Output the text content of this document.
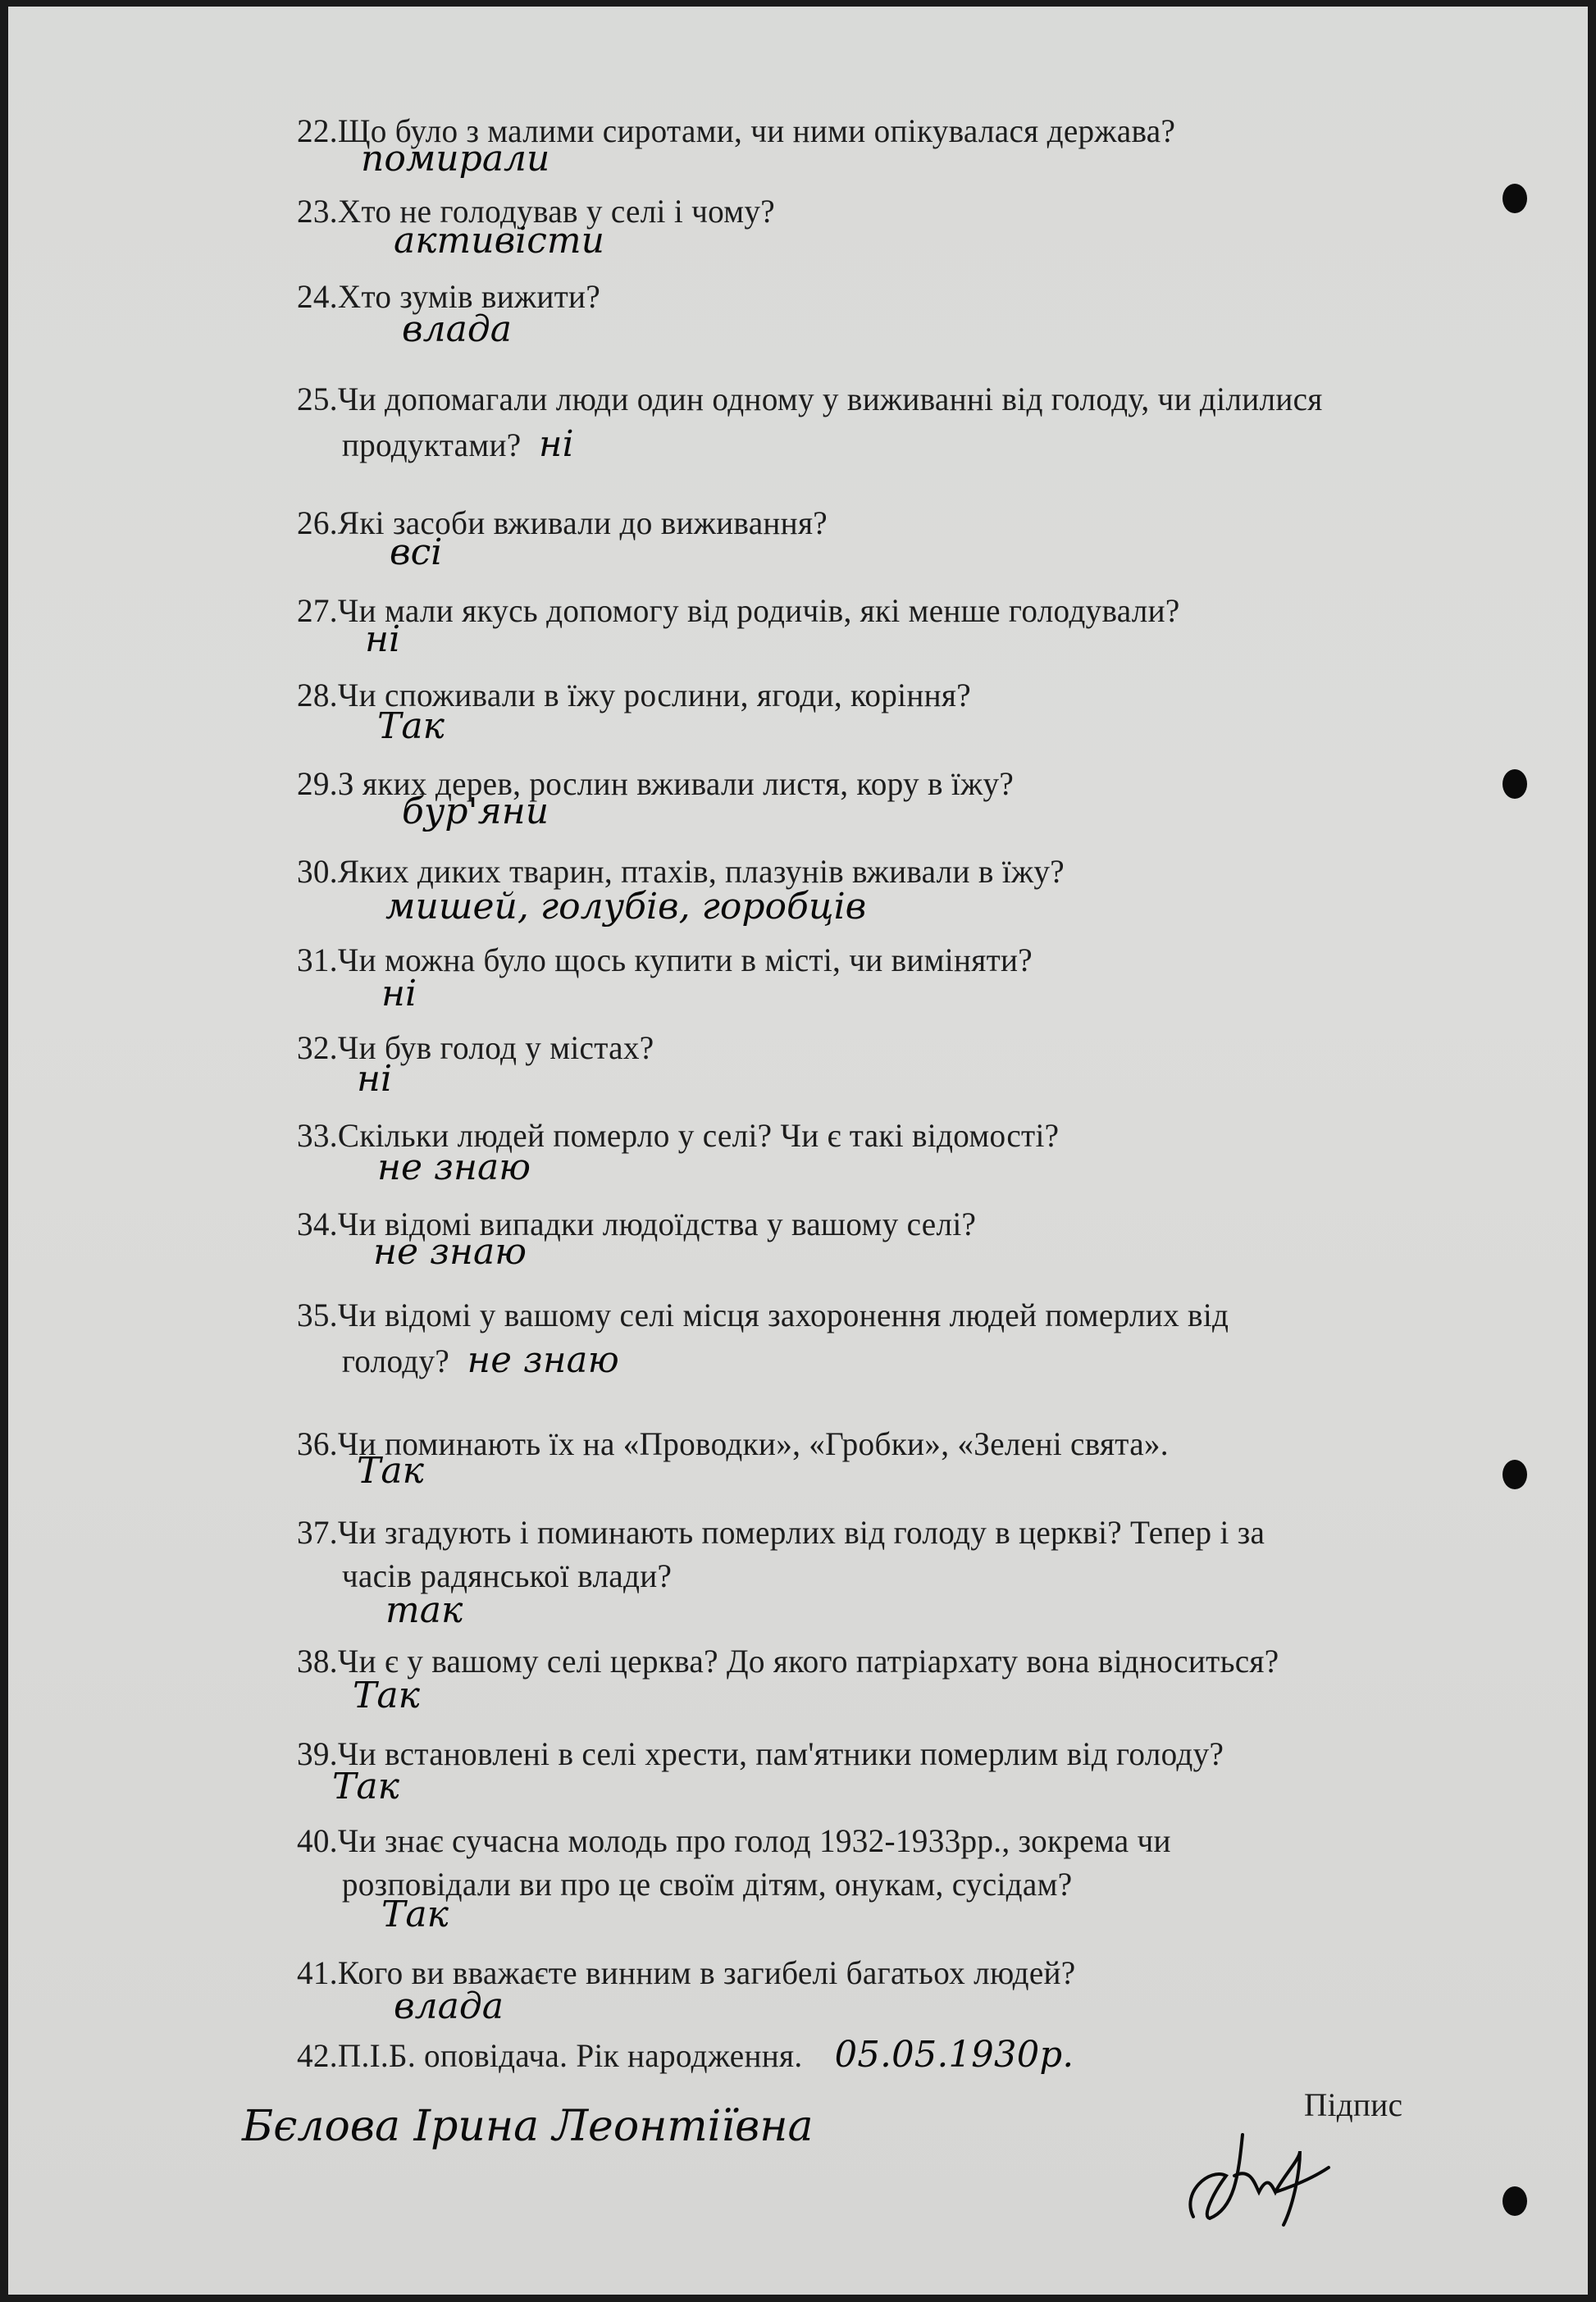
22.Що було з малими сиротами, чи ними опікувалася держава?
помирали
23.Хто не голодував у селі і чому?
активісти
24.Хто зумів вижити?
влада
25.Чи допомагали люди один одному у виживанні від голоду, чи ділилися
продуктами? ні
26.Які засоби вживали до виживання?
всі
27.Чи мали якусь допомогу від родичів, які менше голодували?
ні
28.Чи споживали в їжу рослини, ягоди, коріння?
Так
29.З яких дерев, рослин вживали листя, кору в їжу?
бур'яни
30.Яких диких тварин, птахів, плазунів вживали в їжу?
мишей, голубів, горобців
31.Чи можна було щось купити в місті, чи виміняти?
ні
32.Чи був голод у містах?
ні
33.Скільки людей померло у селі? Чи є такі відомості?
не знаю
34.Чи відомі випадки людоїдства у вашому селі?
не знаю
35.Чи відомі у вашому селі місця захоронення людей померлих від
голоду? не знаю
36.Чи поминають їх на «Проводки», «Гробки», «Зелені свята».
Так
37.Чи згадують і поминають померлих від голоду в церкві? Тепер і за
часів радянської влади?
так
38.Чи є у вашому селі церква? До якого патріархату вона відноситься?
Так
39.Чи встановлені в селі хрести, пам'ятники померлим від голоду?
Так
40.Чи знає сучасна молодь про голод 1932-1933рр., зокрема чи
розповідали ви про це своїм дітям, онукам, сусідам?
Так
41.Кого ви вважаєте винним в загибелі багатьох людей?
влада
42.П.І.Б. оповідача. Рік народження. 05.05.1930р.
Бєлова Ірина Леонтіївна	Підпис
